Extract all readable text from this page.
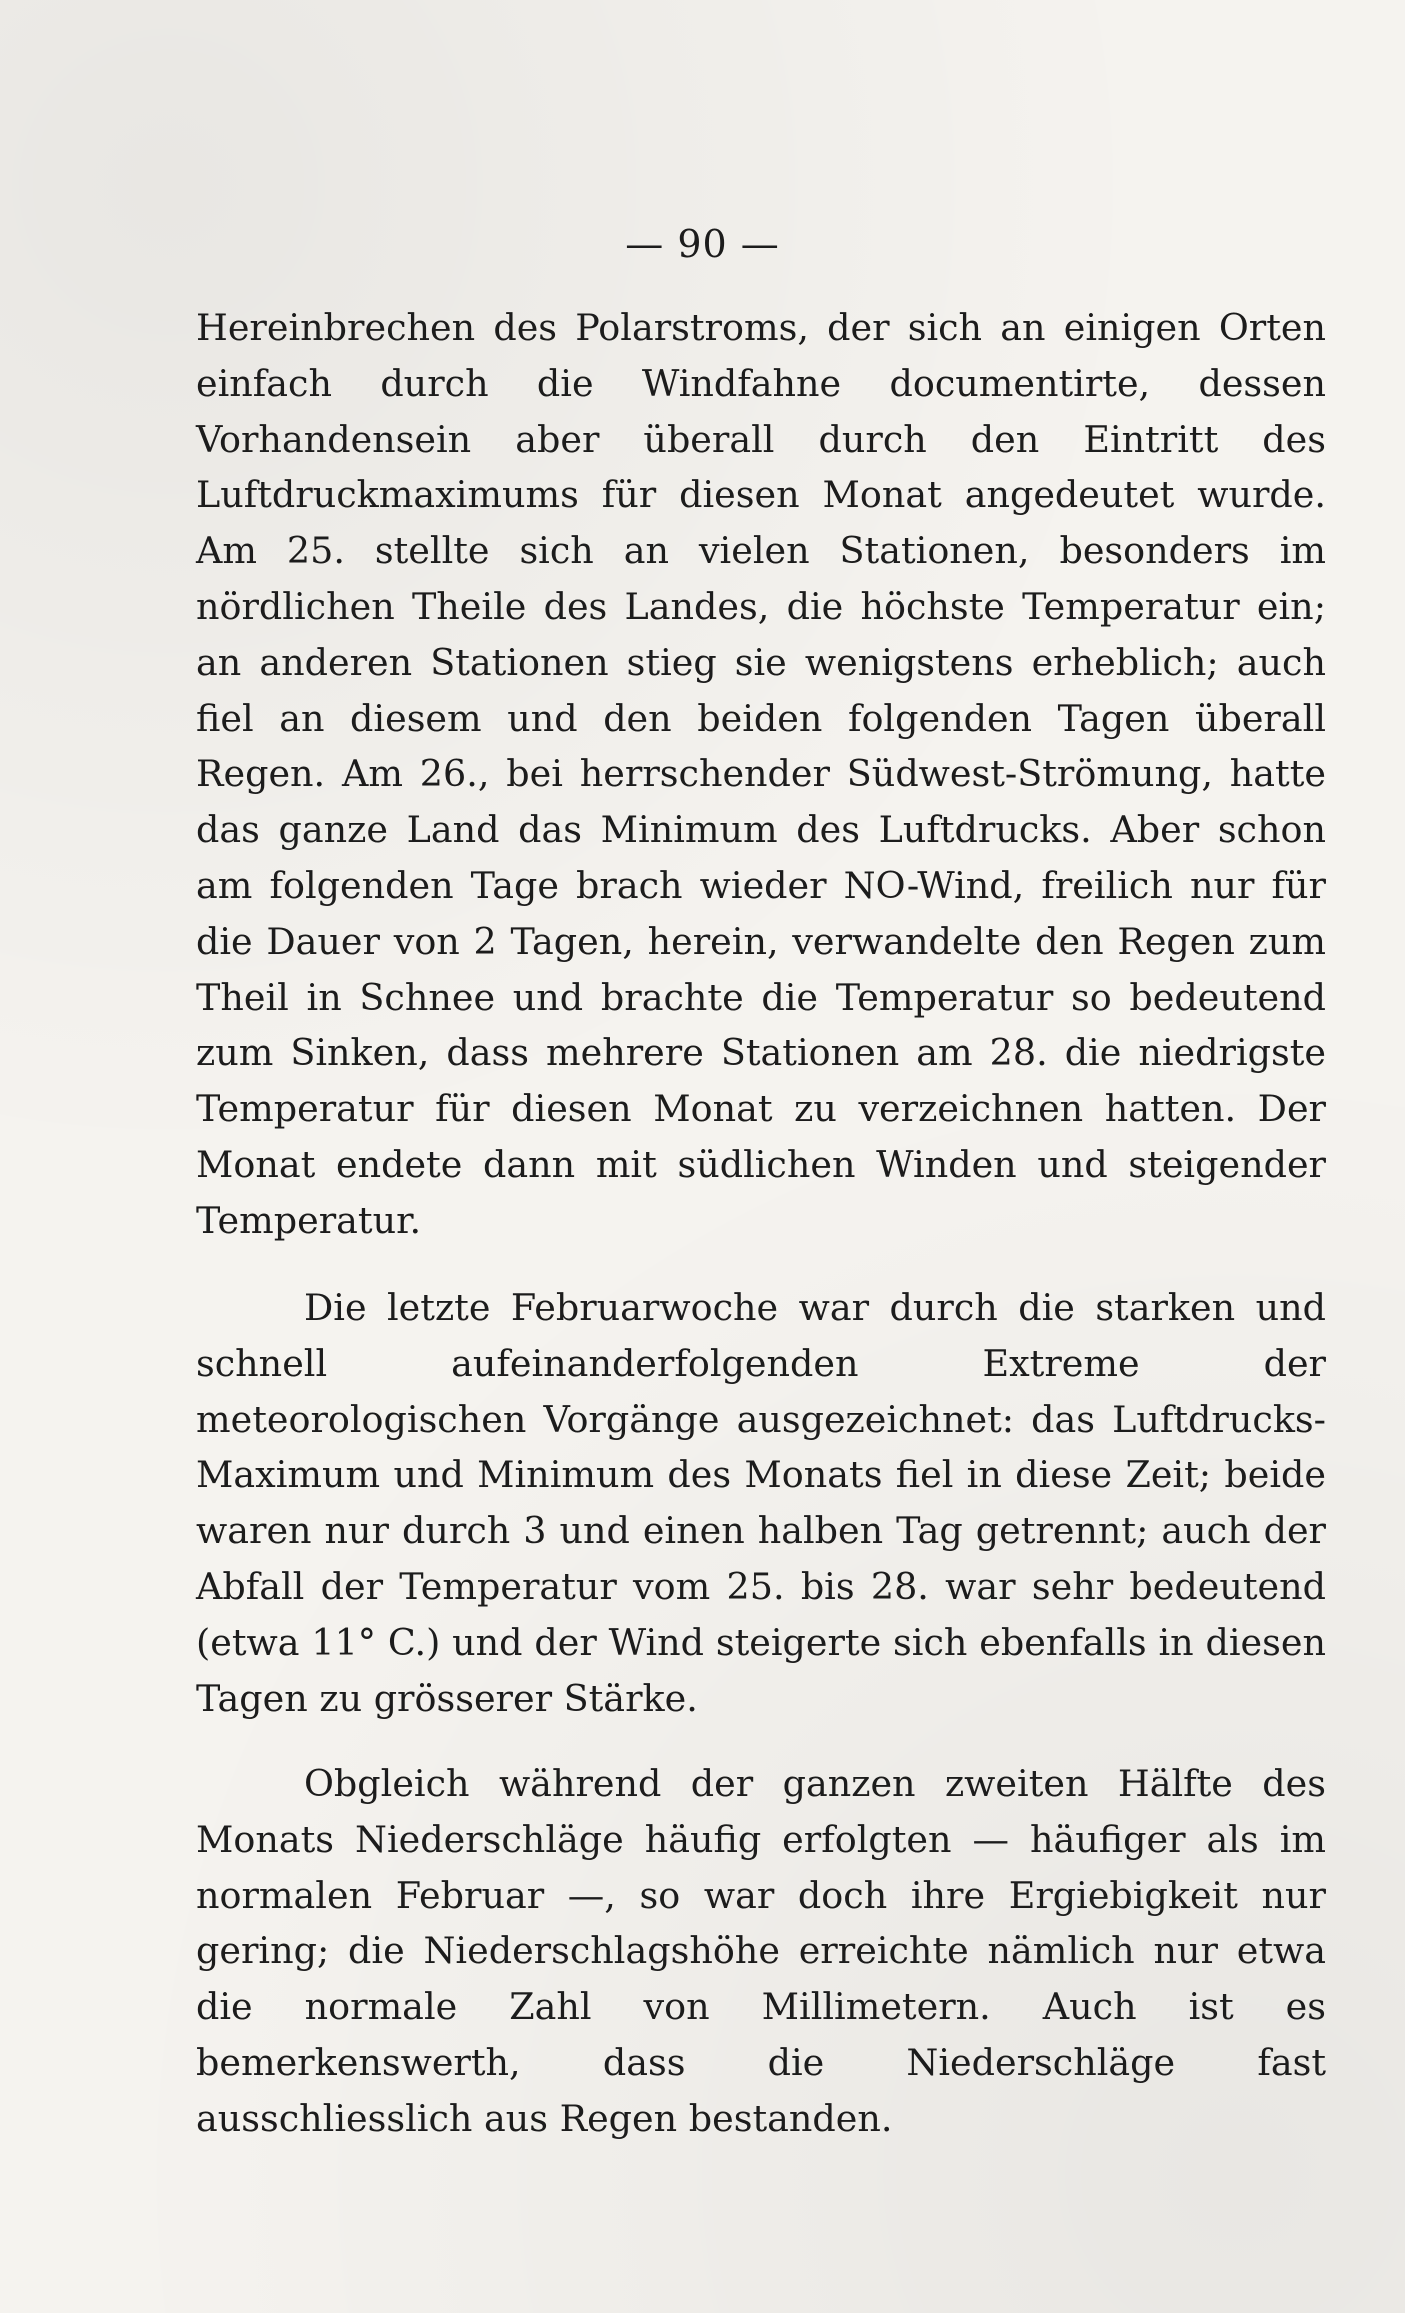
— 90 —

Hereinbrechen des Polarstroms, der sich an einigen Orten einfach durch die Windfahne documentirte, dessen Vorhandensein aber überall durch den Eintritt des Luftdruckmaximums für diesen Monat angedeutet wurde. Am 25. stellte sich an vielen Stationen, besonders im nördlichen Theile des Landes, die höchste Temperatur ein; an anderen Stationen stieg sie wenigstens erheblich; auch fiel an diesem und den beiden folgenden Tagen überall Regen. Am 26., bei herrschender Südwest-Strömung, hatte das ganze Land das Minimum des Luftdrucks. Aber schon am folgenden Tage brach wieder NO-Wind, freilich nur für die Dauer von 2 Tagen, herein, verwandelte den Regen zum Theil in Schnee und brachte die Temperatur so bedeutend zum Sinken, dass mehrere Stationen am 28. die niedrigste Temperatur für diesen Monat zu verzeichnen hatten. Der Monat endete dann mit südlichen Winden und steigender Temperatur.

Die letzte Februarwoche war durch die starken und schnell aufeinanderfolgenden Extreme der meteorologischen Vorgänge ausgezeichnet: das Luftdrucks-Maximum und Minimum des Monats fiel in diese Zeit; beide waren nur durch 3 und einen halben Tag getrennt; auch der Abfall der Temperatur vom 25. bis 28. war sehr bedeutend (etwa 11° C.) und der Wind steigerte sich ebenfalls in diesen Tagen zu grösserer Stärke.

Obgleich während der ganzen zweiten Hälfte des Monats Niederschläge häufig erfolgten — häufiger als im normalen Februar —, so war doch ihre Ergiebigkeit nur gering; die Niederschlagshöhe erreichte nämlich nur etwa die normale Zahl von Millimetern. Auch ist es bemerkenswerth, dass die Niederschläge fast ausschliesslich aus Regen bestanden.
